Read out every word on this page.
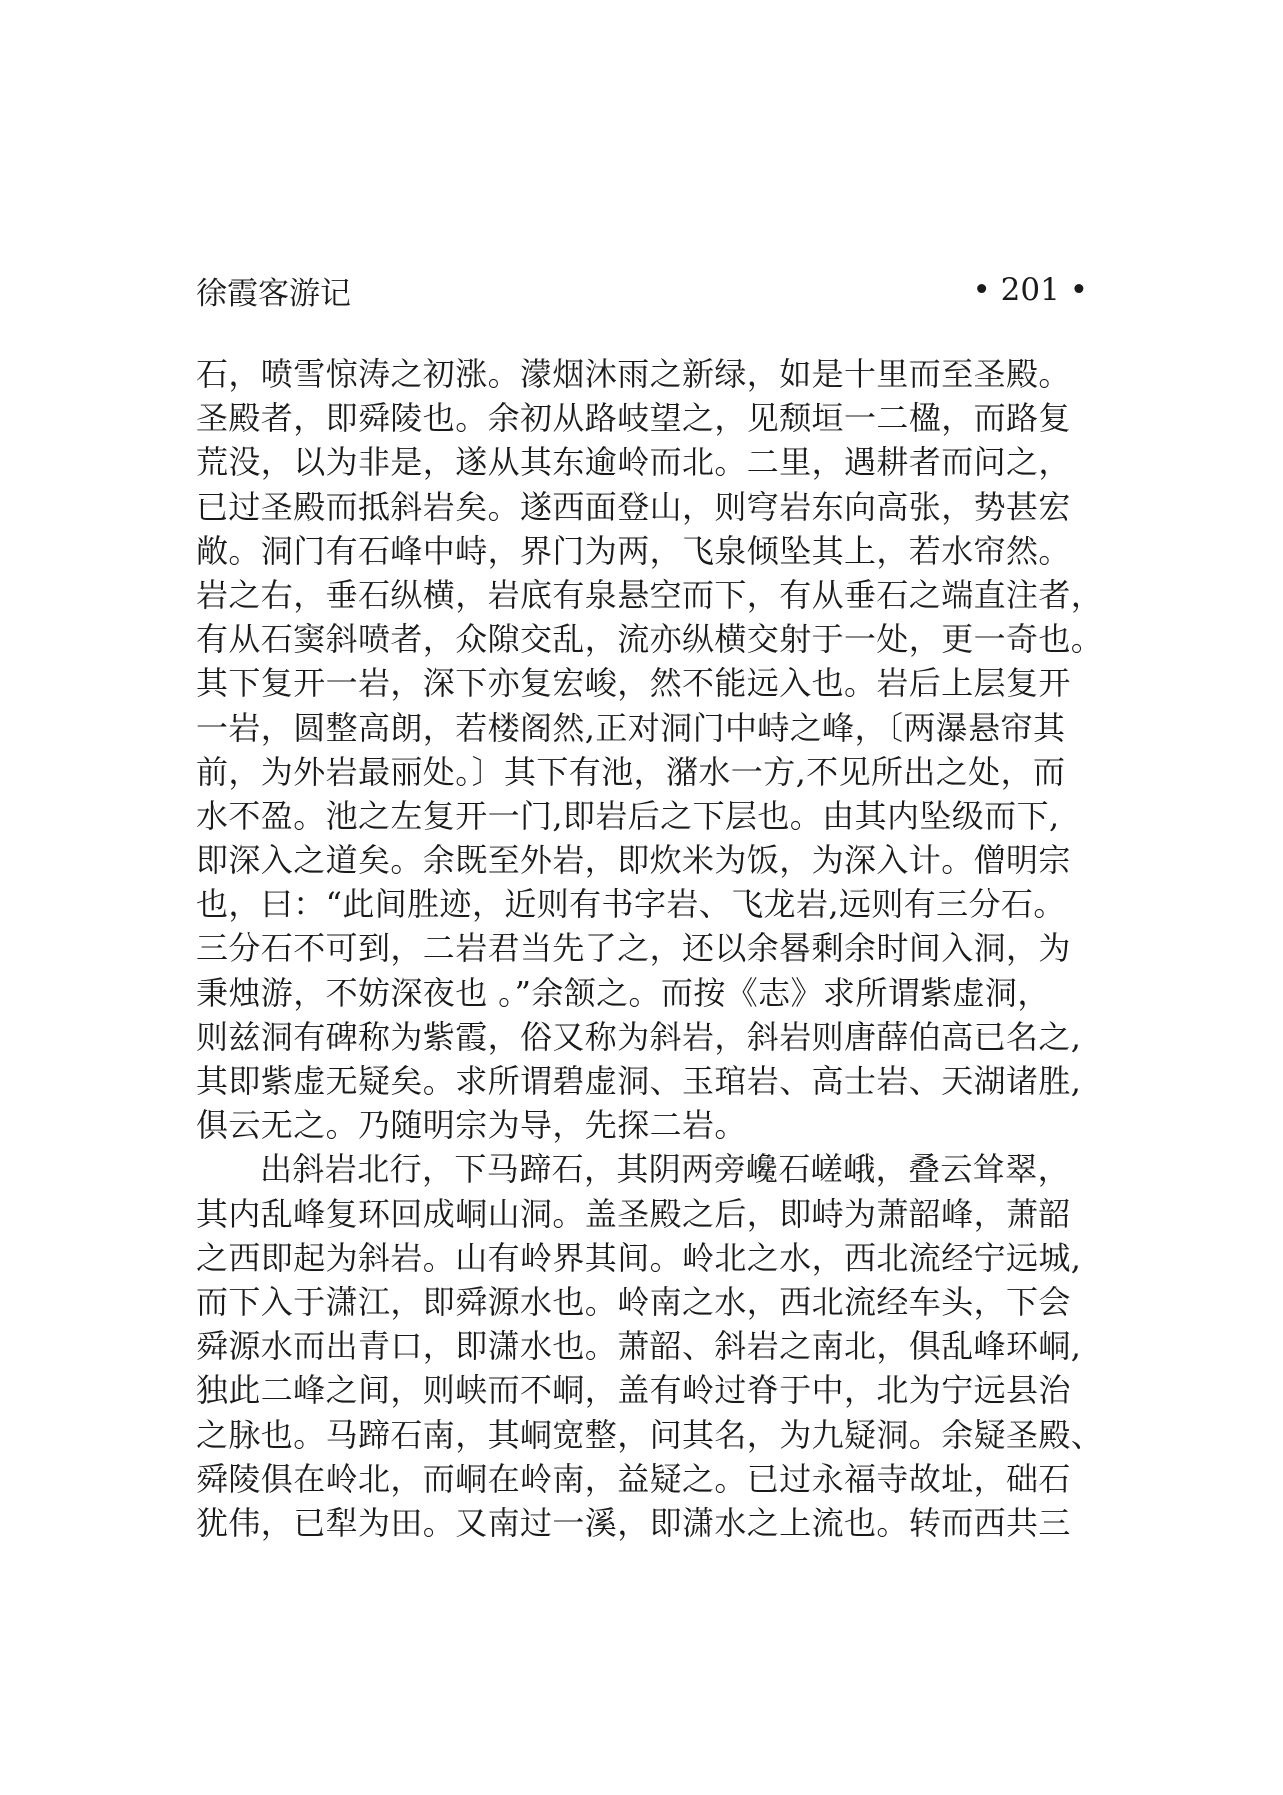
徐霞客游记	• 201 •
石，喷雪惊涛之初涨。濛烟沐雨之新绿，如是十里而至圣殿。
圣殿者，即舜陵也。余初从路岐望之，见颓垣一二楹，而路复
荒没，以为非是，遂从其东逾岭而北。二里，遇耕者而问之，
已过圣殿而抵斜岩矣。遂西面登山，则穹岩东向高张，势甚宏
敞。洞门有石峰中峙，界门为两，飞泉倾坠其上，若水帘然。
岩之右，垂石纵横，岩底有泉悬空而下，有从垂石之端直注者，
有从石窦斜喷者，众隙交乱，流亦纵横交射于一处，更一奇也。
其下复开一岩，深下亦复宏峻，然不能远入也。岩后上层复开
一岩，圆整高朗，若楼阁然,正对洞门中峙之峰，〔两瀑悬帘其
前，为外岩最丽处。〕其下有池，潴水一方,不见所出之处，而
水不盈。池之左复开一门,即岩后之下层也。由其内坠级而下,
即深入之道矣。余既至外岩，即炊米为饭，为深入计。僧明宗
也，曰：“此间胜迹，近则有书字岩、飞龙岩,远则有三分石。
三分石不可到，二岩君当先了之，还以余晷剩余时间入洞，为
秉烛游，不妨深夜也 。”余颔之。而按《志》求所谓紫虚洞，
则兹洞有碑称为紫霞，俗又称为斜岩，斜岩则唐薛伯高已名之,
其即紫虚无疑矣。求所谓碧虚洞、玉琯岩、高士岩、天湖诸胜,
俱云无之。乃随明宗为导，先探二岩。
出斜岩北行，下马蹄石，其阴两旁巉石嵯峨，叠云耸翠，
其内乱峰复环回成峒山洞。盖圣殿之后，即峙为萧韶峰，萧韶
之西即起为斜岩。山有岭界其间。岭北之水，西北流经宁远城,
而下入于潇江，即舜源水也。岭南之水，西北流经车头，下会
舜源水而出青口，即潇水也。萧韶、斜岩之南北，俱乱峰环峒,
独此二峰之间，则峡而不峒，盖有岭过脊于中，北为宁远县治
之脉也。马蹄石南，其峒宽整，问其名，为九疑洞。余疑圣殿、
舜陵俱在岭北，而峒在岭南，益疑之。已过永福寺故址，础石
犹伟，已犁为田。又南过一溪，即潇水之上流也。转而西共三
